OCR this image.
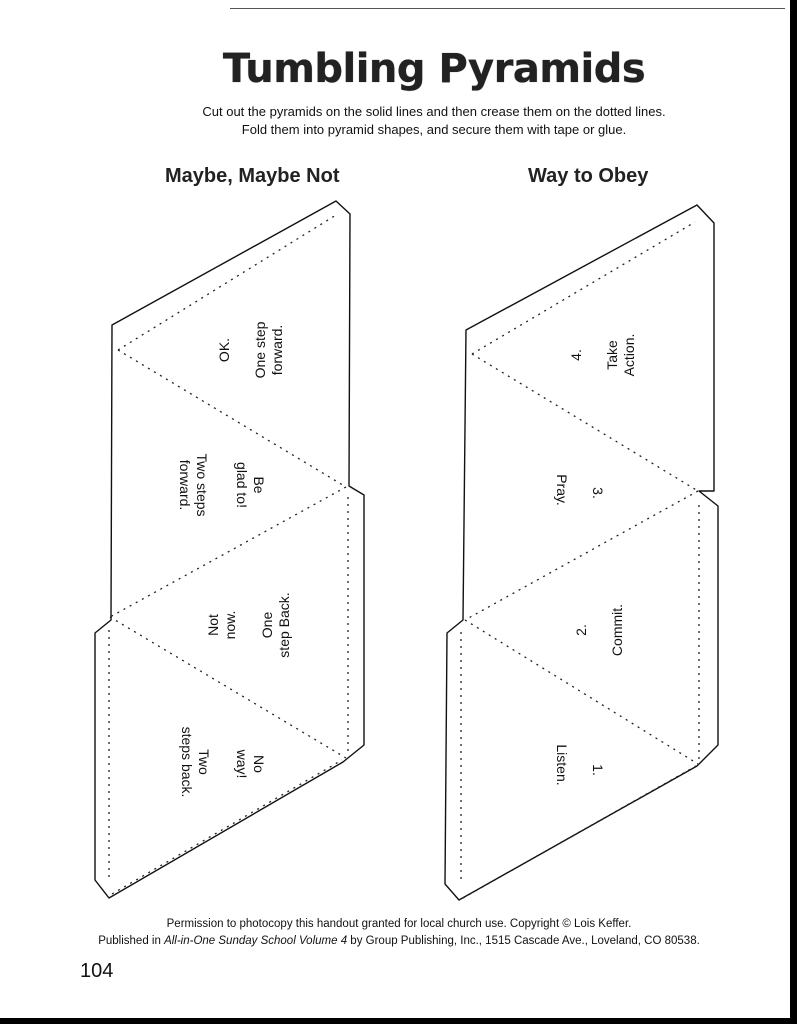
Tumbling Pyramids
Cut out the pyramids on the solid lines and then crease them on the dotted lines.
Fold them into pyramid shapes, and secure them with tape or glue.
Maybe, Maybe Not	Way to Obey
OK. One step forward.
Be
glad to!
Two steps
forward.
Not now. One step Back.
No
way!
Two
steps back.
4. Take Action.
3.
Pray.
2. Commit.
1.
Listen.
Permission to photocopy this handout granted for local church use. Copyright © Lois Keffer.
Published in All-in-One Sunday School Volume 4 by Group Publishing, Inc., 1515 Cascade Ave., Loveland, CO 80538.
104
